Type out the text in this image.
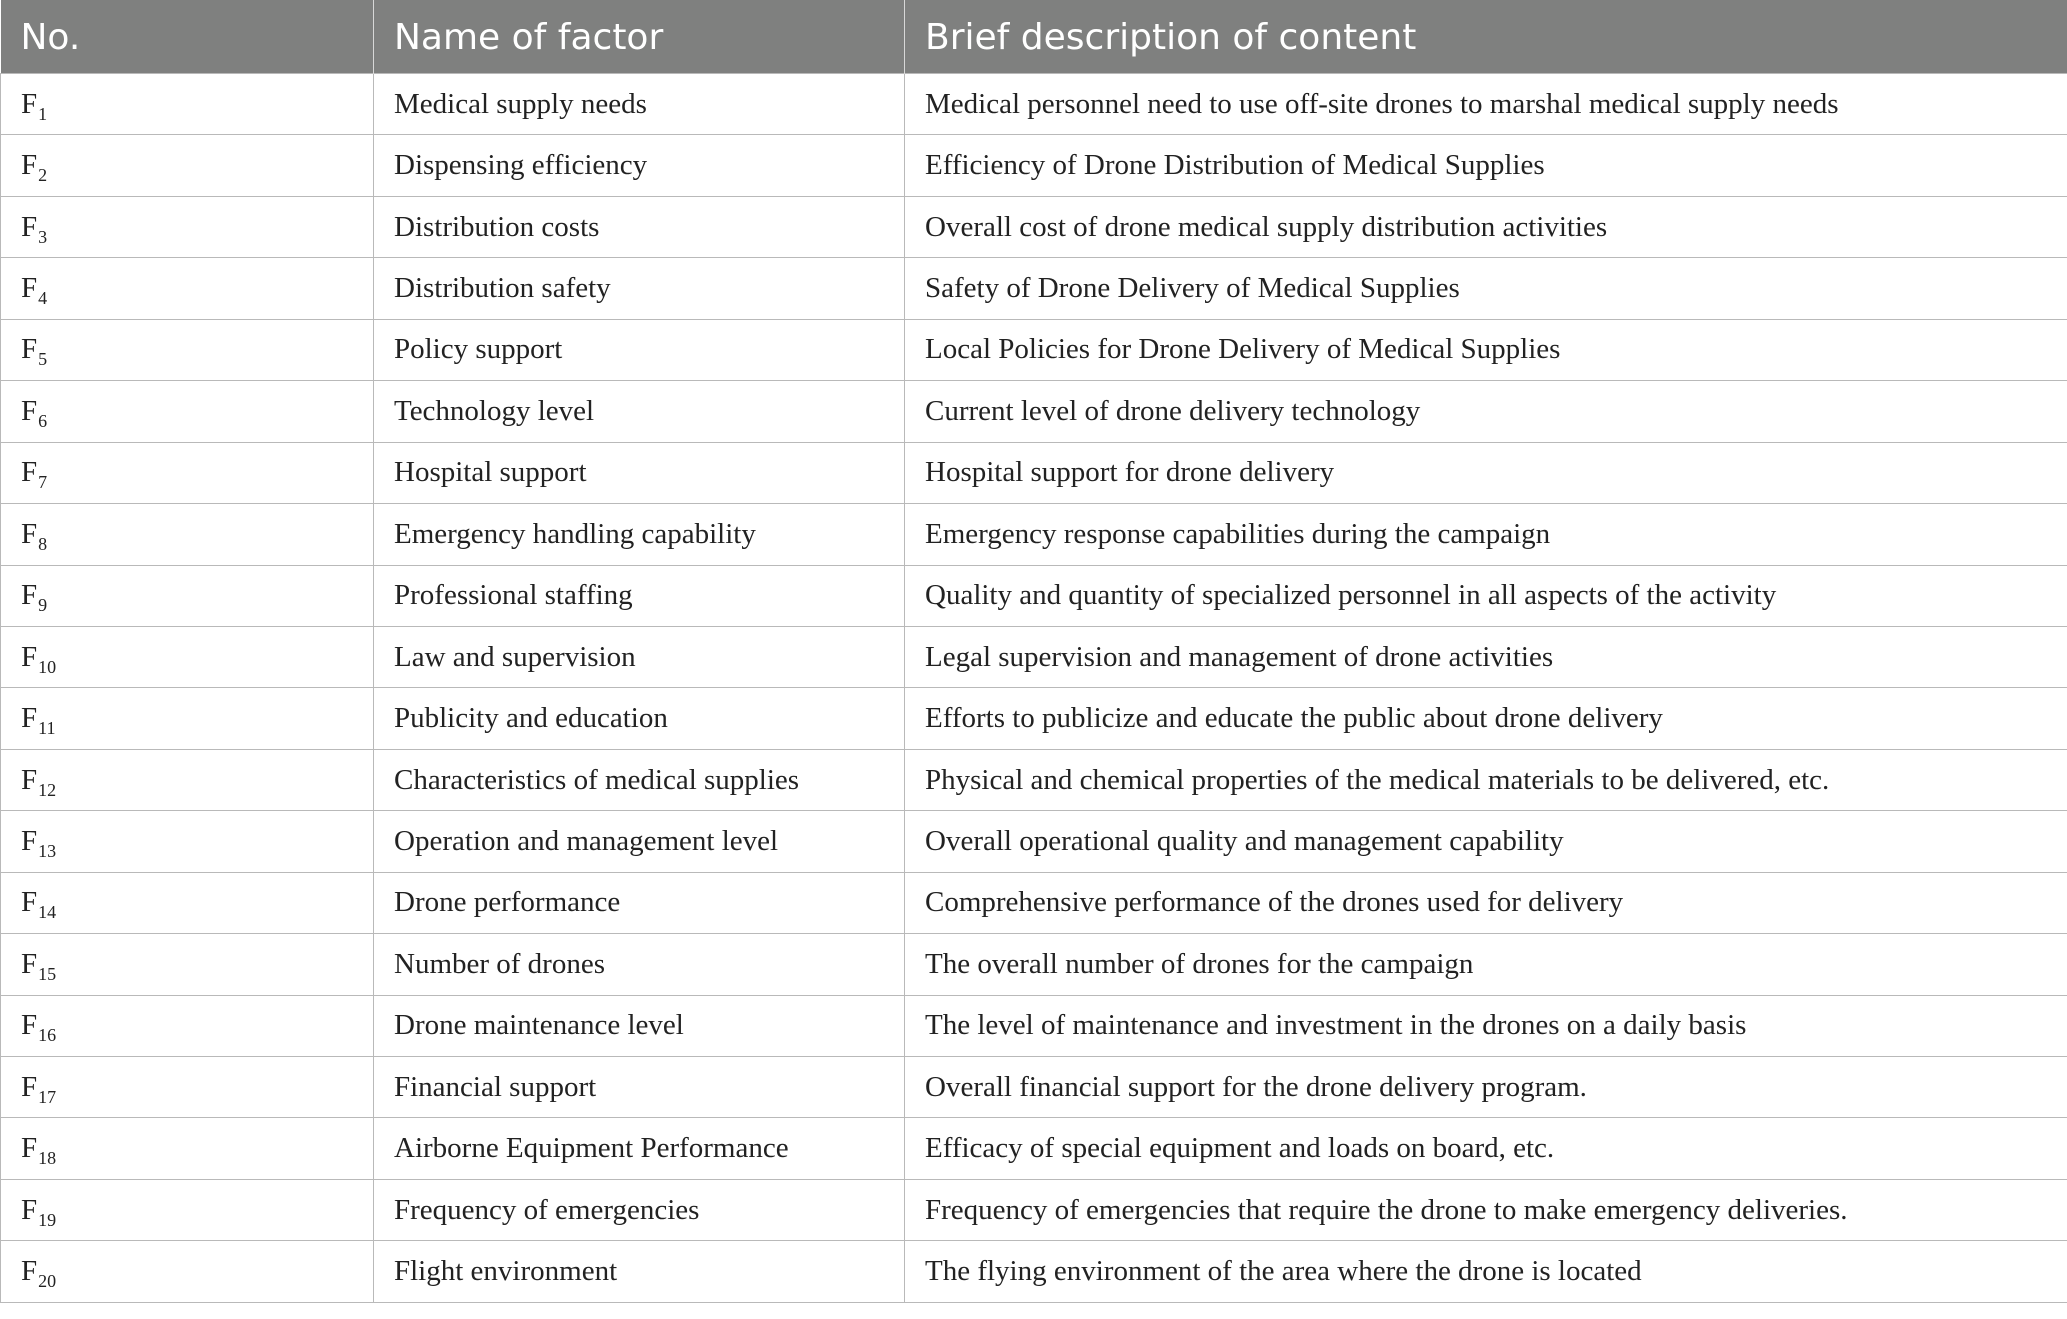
No.	Name of factor	Brief description of content
$F_1$	Medical supply needs	Medical personnel need to use off-site drones to marshal medical supply needs
$F_2$	Dispensing efficiency	Efficiency of Drone Distribution of Medical Supplies
$F_3$	Distribution costs	Overall cost of drone medical supply distribution activities
$F_4$	Distribution safety	Safety of Drone Delivery of Medical Supplies
$F_5$	Policy support	Local Policies for Drone Delivery of Medical Supplies
$F_6$	Technology level	Current level of drone delivery technology
$F_7$	Hospital support	Hospital support for drone delivery
$F_8$	Emergency handling capability	Emergency response capabilities during the campaign
$F_9$	Professional staffing	Quality and quantity of specialized personnel in all aspects of the activity
$F_{10}$	Law and supervision	Legal supervision and management of drone activities
$F_{11}$	Publicity and education	Efforts to publicize and educate the public about drone delivery
$F_{12}$	Characteristics of medical supplies	Physical and chemical properties of the medical materials to be delivered, etc.
$F_{13}$	Operation and management level	Overall operational quality and management capability
$F_{14}$	Drone performance	Comprehensive performance of the drones used for delivery
$F_{15}$	Number of drones	The overall number of drones for the campaign
$F_{16}$	Drone maintenance level	The level of maintenance and investment in the drones on a daily basis
$F_{17}$	Financial support	Overall financial support for the drone delivery program.
$F_{18}$	Airborne Equipment Performance	Efficacy of special equipment and loads on board, etc.
$F_{19}$	Frequency of emergencies	Frequency of emergencies that require the drone to make emergency deliveries.
$F_{20}$	Flight environment	The flying environment of the area where the drone is located
